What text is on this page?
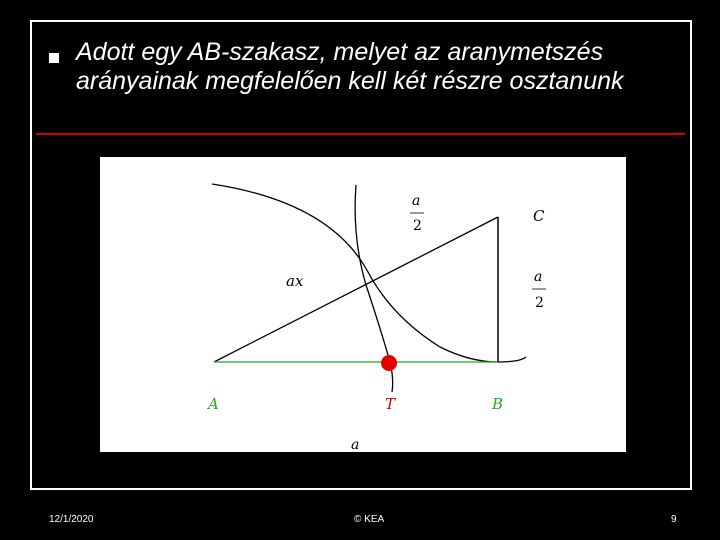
Adott egy AB-szakasz, melyet az aranymetszés arányainak megfelelően kell két részre osztanunk
a
2
C
ax	a
2
A	T	B
a
12/1/2020	© KEA	9
